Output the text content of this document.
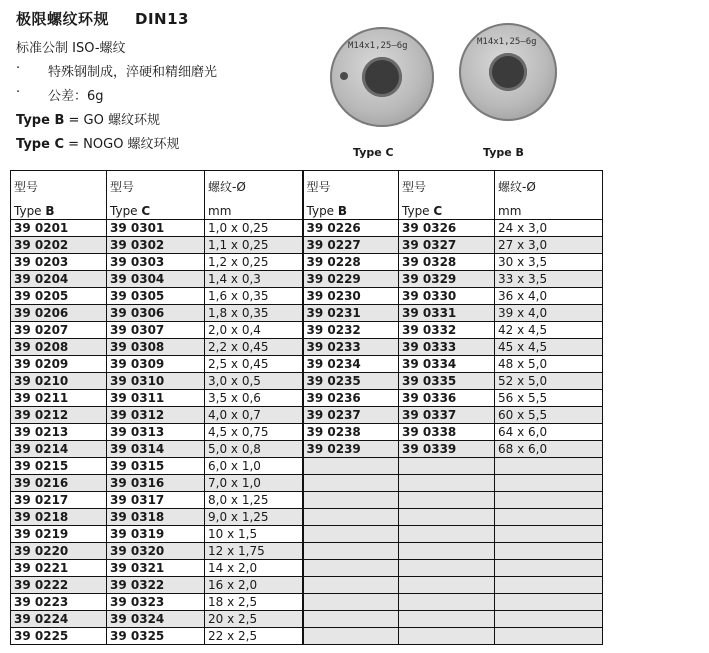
极限螺纹环规 DIN13
标准公制 ISO-螺纹
· 特殊钢制成，淬硬和精细磨光
· 公差：6g
Type B = GO 螺纹环规
Type C = NOGO 螺纹环规
M14x1,25–6g
Type C
M14x1,25–6g
Type B
型号	型号	螺纹-Ø	型号	型号	螺纹-Ø
Type B	Type C	mm	Type B	Type C	mm
39 0201	39 0301	1,0 x 0,25	39 0226	39 0326	24 x 3,0
39 0202	39 0302	1,1 x 0,25	39 0227	39 0327	27 x 3,0
39 0203	39 0303	1,2 x 0,25	39 0228	39 0328	30 x 3,5
39 0204	39 0304	1,4 x 0,3	39 0229	39 0329	33 x 3,5
39 0205	39 0305	1,6 x 0,35	39 0230	39 0330	36 x 4,0
39 0206	39 0306	1,8 x 0,35	39 0231	39 0331	39 x 4,0
39 0207	39 0307	2,0 x 0,4	39 0232	39 0332	42 x 4,5
39 0208	39 0308	2,2 x 0,45	39 0233	39 0333	45 x 4,5
39 0209	39 0309	2,5 x 0,45	39 0234	39 0334	48 x 5,0
39 0210	39 0310	3,0 x 0,5	39 0235	39 0335	52 x 5,0
39 0211	39 0311	3,5 x 0,6	39 0236	39 0336	56 x 5,5
39 0212	39 0312	4,0 x 0,7	39 0237	39 0337	60 x 5,5
39 0213	39 0313	4,5 x 0,75	39 0238	39 0338	64 x 6,0
39 0214	39 0314	5,0 x 0,8	39 0239	39 0339	68 x 6,0
39 0215	39 0315	6,0 x 1,0			
39 0216	39 0316	7,0 x 1,0			
39 0217	39 0317	8,0 x 1,25			
39 0218	39 0318	9,0 x 1,25			
39 0219	39 0319	10 x 1,5			
39 0220	39 0320	12 x 1,75			
39 0221	39 0321	14 x 2,0			
39 0222	39 0322	16 x 2,0			
39 0223	39 0323	18 x 2,5			
39 0224	39 0324	20 x 2,5			
39 0225	39 0325	22 x 2,5			
